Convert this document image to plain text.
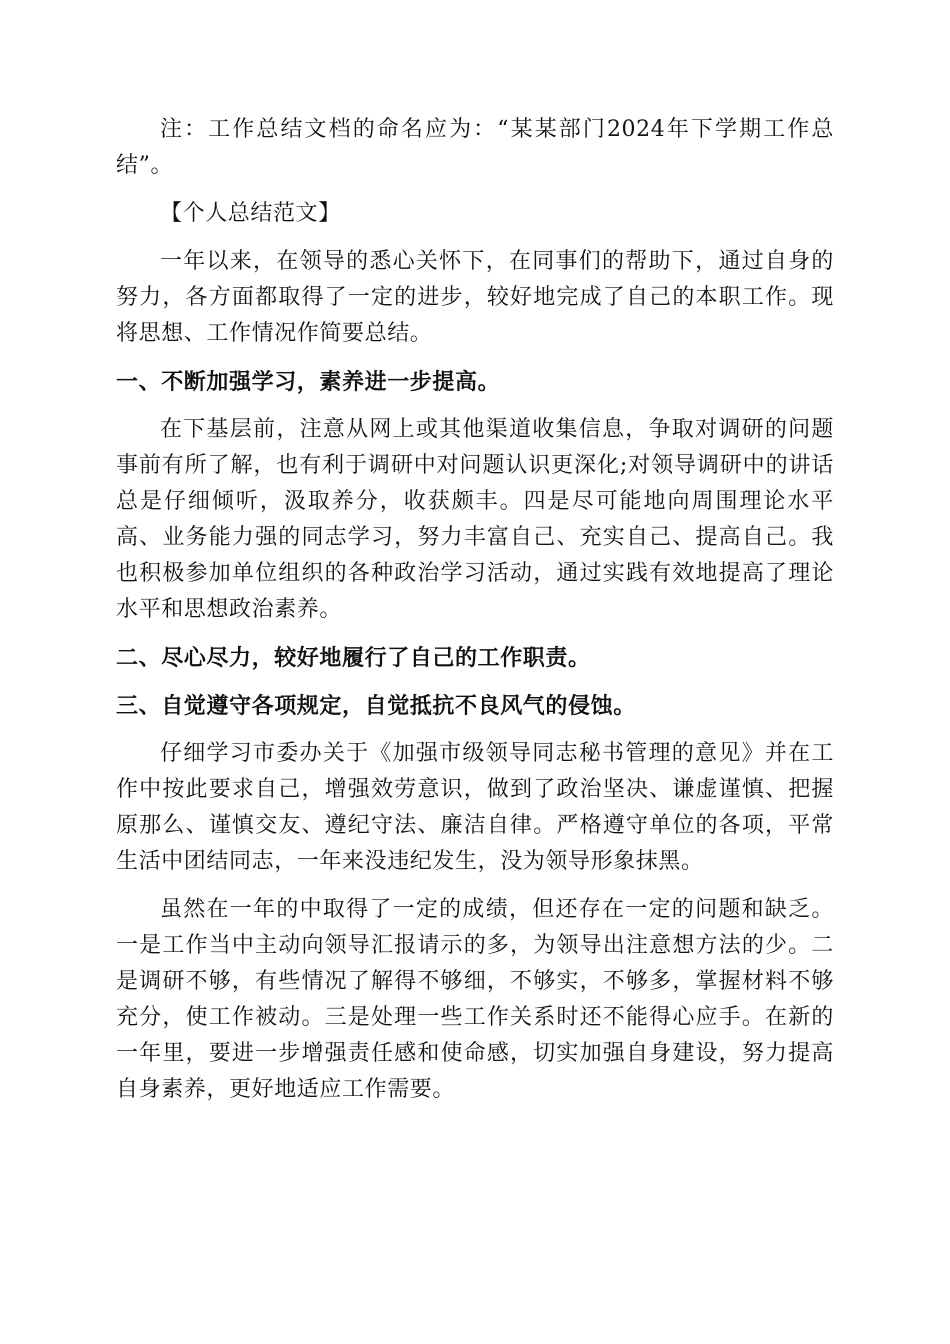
注：工作总结文档的命名应为：“某某部门2024年下学期工作总结”。

【个人总结范文】

一年以来，在领导的悉心关怀下，在同事们的帮助下，通过自身的努力，各方面都取得了一定的进步，较好地完成了自己的本职工作。现将思想、工作情况作简要总结。

一、不断加强学习，素养进一步提高。

在下基层前，注意从网上或其他渠道收集信息，争取对调研的问题事前有所了解，也有利于调研中对问题认识更深化;对领导调研中的讲话总是仔细倾听，汲取养分，收获颇丰。四是尽可能地向周围理论水平高、业务能力强的同志学习，努力丰富自己、充实自己、提高自己。我也积极参加单位组织的各种政治学习活动，通过实践有效地提高了理论水平和思想政治素养。

二、尽心尽力，较好地履行了自己的工作职责。

三、自觉遵守各项规定，自觉抵抗不良风气的侵蚀。

仔细学习市委办关于《加强市级领导同志秘书管理的意见》并在工作中按此要求自己，增强效劳意识，做到了政治坚决、谦虚谨慎、把握原那么、谨慎交友、遵纪守法、廉洁自律。严格遵守单位的各项，平常生活中团结同志，一年来没违纪发生，没为领导形象抹黑。

虽然在一年的中取得了一定的成绩，但还存在一定的问题和缺乏。一是工作当中主动向领导汇报请示的多，为领导出注意想方法的少。二是调研不够，有些情况了解得不够细，不够实，不够多，掌握材料不够充分，使工作被动。三是处理一些工作关系时还不能得心应手。在新的一年里，要进一步增强责任感和使命感，切实加强自身建设，努力提高自身素养，更好地适应工作需要。
